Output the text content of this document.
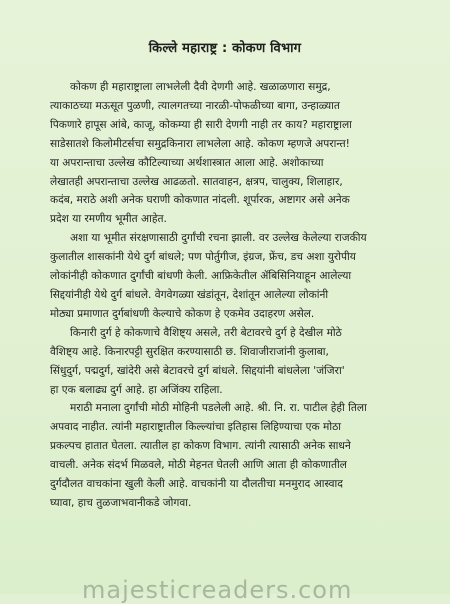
किल्ले महाराष्ट्र : कोकण विभाग

कोकण ही महाराष्ट्राला लाभलेली दैवी देणगी आहे. खळाळणारा समुद्र,
त्याकाठच्या मऊसूत पुळणी, त्यालगतच्या नारळी-पोफळीच्या बागा, उन्हाळ्यात
पिकणारे हापूस आंबे, काजू, कोकम्या ही सारी देणगी नाही तर काय? महाराष्ट्राला
साडेसातशे किलोमीटर्सचा समुद्रकिनारा लाभलेला आहे. कोकण म्हणजे अपरान्त!
या अपरान्ताचा उल्लेख कौटिल्याच्या अर्थशास्त्रात आला आहे. अशोकाच्या
लेखातही अपरान्ताचा उल्लेख आढळतो. सातवाहन, क्षत्रप, चालुक्य, शिलाहार,
कदंब, मराठे अशी अनेक घराणी कोकणात नांदली. शूर्पारक, अष्टागर असे अनेक
प्रदेश या रमणीय भूमीत आहेत.

अशा या भूमीत संरक्षणासाठी दुर्गांची रचना झाली. वर उल्लेख केलेल्या राजकीय
कुलातील शासकांनी येथे दुर्ग बांधले; पण पोर्तुगीज, इंग्रज, फ्रेंच, डच अशा युरोपीय
लोकांनीही कोकणात दुर्गांची बांधणी केली. आफ्रिकेतील ॲबिसिनियाहून आलेल्या
सिद्दयांनीही येथे दुर्ग बांधले. वेगवेगळ्या खंडांतून, देशांतून आलेल्या लोकांनी
मोठ्या प्रमाणात दुर्गबांधणी केल्याचे कोकण हे एकमेव उदाहरण असेल.

किनारी दुर्ग हे कोकणाचे वैशिष्ट्य असले, तरी बेटावरचे दुर्ग हे देखील मोठे
वैशिष्ट्य आहे. किनारपट्टी सुरक्षित करण्यासाठी छ. शिवाजीराजांनी कुलाबा,
सिंधुदुर्ग, पद्मदुर्ग, खांदेरी असे बेटावरचे दुर्ग बांधले. सिद्दयांनी बांधलेला 'जंजिरा'
हा एक बलाढ्य दुर्ग आहे. हा अजिंक्य राहिला.

मराठी मनाला दुर्गांची मोठी मोहिनी पडलेली आहे. श्री. नि. रा. पाटील हेही तिला
अपवाद नाहीत. त्यांनी महाराष्ट्रातील किल्ल्यांचा इतिहास लिहिण्याचा एक मोठा
प्रकल्पच हातात घेतला. त्यातील हा कोकण विभाग. त्यांनी त्यासाठी अनेक साधने
वाचली. अनेक संदर्भ मिळवले, मोठी मेहनत घेतली आणि आता ही कोकणातील
दुर्गदौलत वाचकांना खुली केली आहे. वाचकांनी या दौलतीचा मनमुराद आस्वाद
घ्यावा, हाच तुळजाभवानीकडे जोगवा.

majesticreaders.com
